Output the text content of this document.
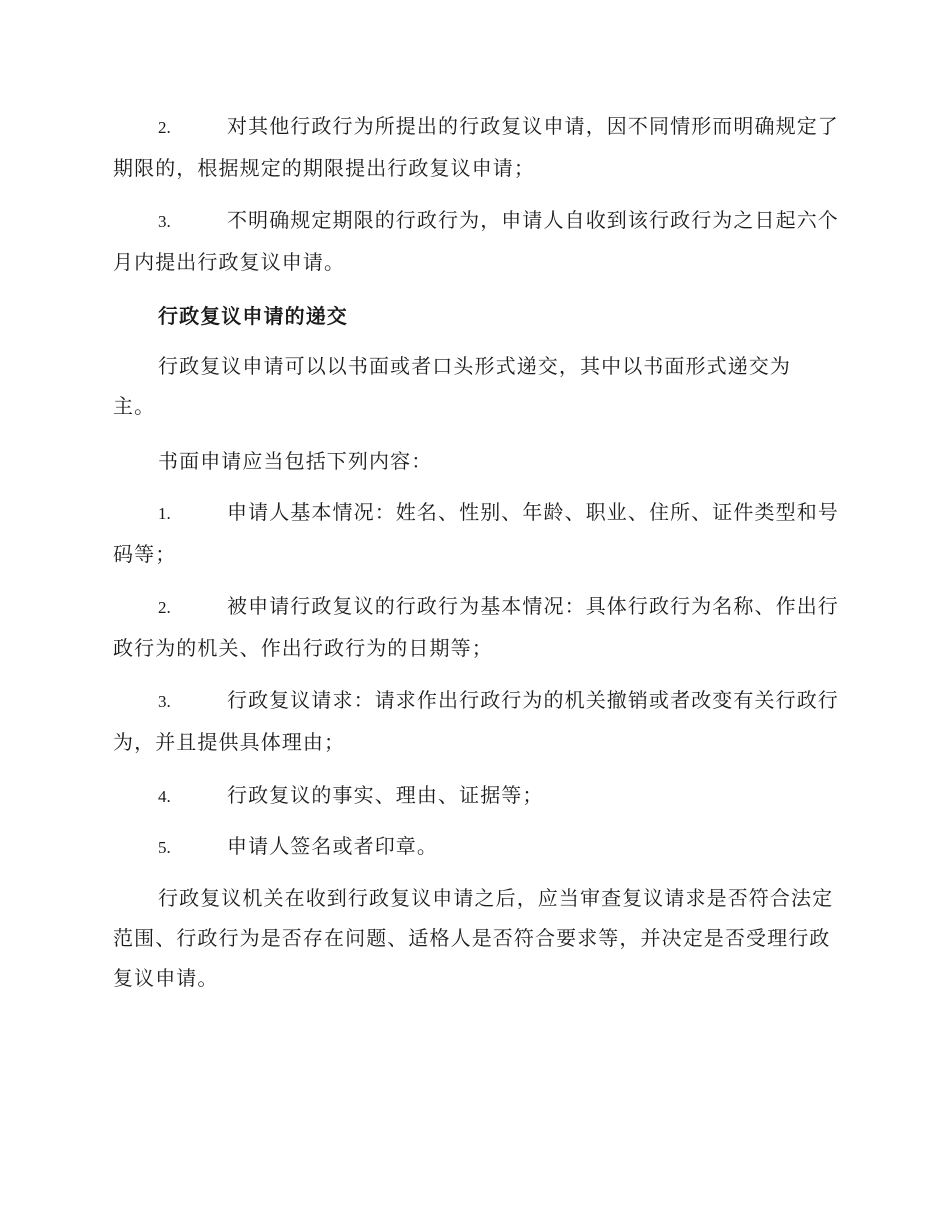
2.	对其他行政行为所提出的行政复议申请，因不同情形而明确规定了期限的，根据规定的期限提出行政复议申请；

3.	不明确规定期限的行政行为，申请人自收到该行政行为之日起六个月内提出行政复议申请。

行政复议申请的递交

行政复议申请可以以书面或者口头形式递交，其中以书面形式递交为主。

书面申请应当包括下列内容：

1.	申请人基本情况：姓名、性别、年龄、职业、住所、证件类型和号码等；

2.	被申请行政复议的行政行为基本情况：具体行政行为名称、作出行政行为的机关、作出行政行为的日期等；

3.	行政复议请求：请求作出行政行为的机关撤销或者改变有关行政行为，并且提供具体理由；

4.	行政复议的事实、理由、证据等；

5.	申请人签名或者印章。

行政复议机关在收到行政复议申请之后，应当审查复议请求是否符合法定范围、行政行为是否存在问题、适格人是否符合要求等，并决定是否受理行政复议申请。
